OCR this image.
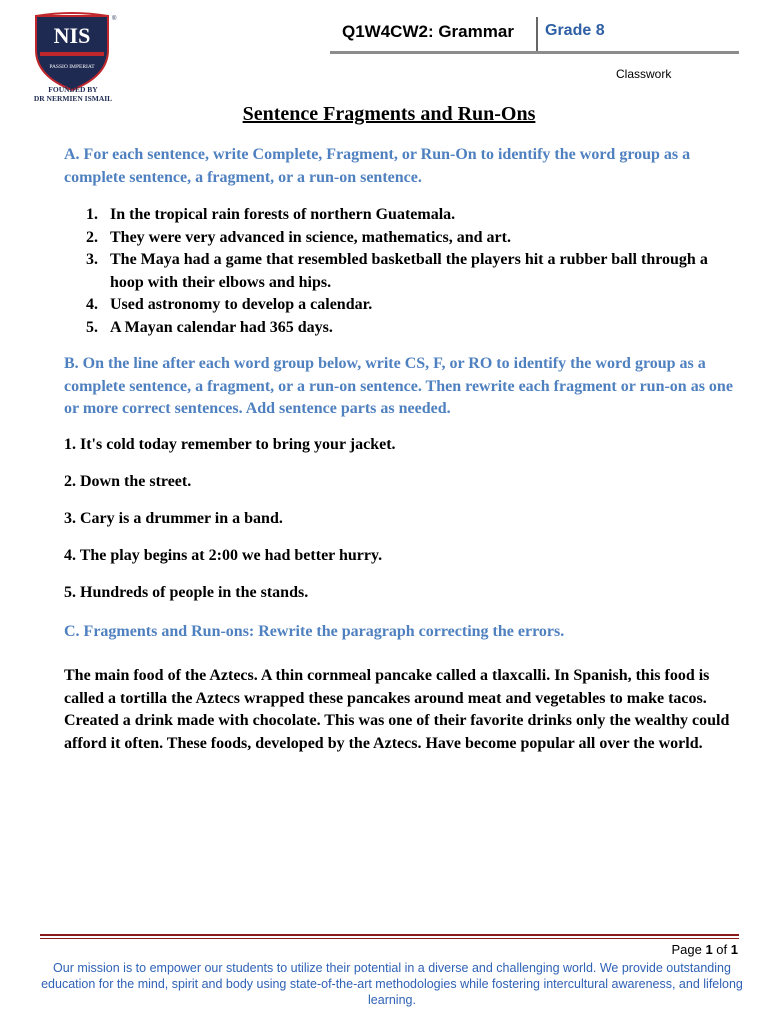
NIS
PASSIO IMPERIAT
®
FOUNDED BY
DR NERMIEN ISMAIL
Q1W4CW2: Grammar Grade 8
Classwork
Sentence Fragments and Run-Ons
A. For each sentence, write Complete, Fragment, or Run-On to identify the word group as a complete sentence, a fragment, or a run-on sentence.
1. In the tropical rain forests of northern Guatemala.
2. They were very advanced in science, mathematics, and art.
3. The Maya had a game that resembled basketball the players hit a rubber ball through a hoop with their elbows and hips.
4. Used astronomy to develop a calendar.
5. A Mayan calendar had 365 days.
B. On the line after each word group below, write CS, F, or RO to identify the word group as a complete sentence, a fragment, or a run-on sentence. Then rewrite each fragment or run-on as one or more correct sentences. Add sentence parts as needed.
1. It's cold today remember to bring your jacket.
2. Down the street.
3. Cary is a drummer in a band.
4. The play begins at 2:00 we had better hurry.
5. Hundreds of people in the stands.
C. Fragments and Run-ons: Rewrite the paragraph correcting the errors.
The main food of the Aztecs. A thin cornmeal pancake called a tlaxcalli. In Spanish, this food is called a tortilla the Aztecs wrapped these pancakes around meat and vegetables to make tacos. Created a drink made with chocolate. This was one of their favorite drinks only the wealthy could afford it often. These foods, developed by the Aztecs. Have become popular all over the world.
Page 1 of 1
Our mission is to empower our students to utilize their potential in a diverse and challenging world. We provide outstanding education for the mind, spirit and body using state-of-the-art methodologies while fostering intercultural awareness, and lifelong learning.
